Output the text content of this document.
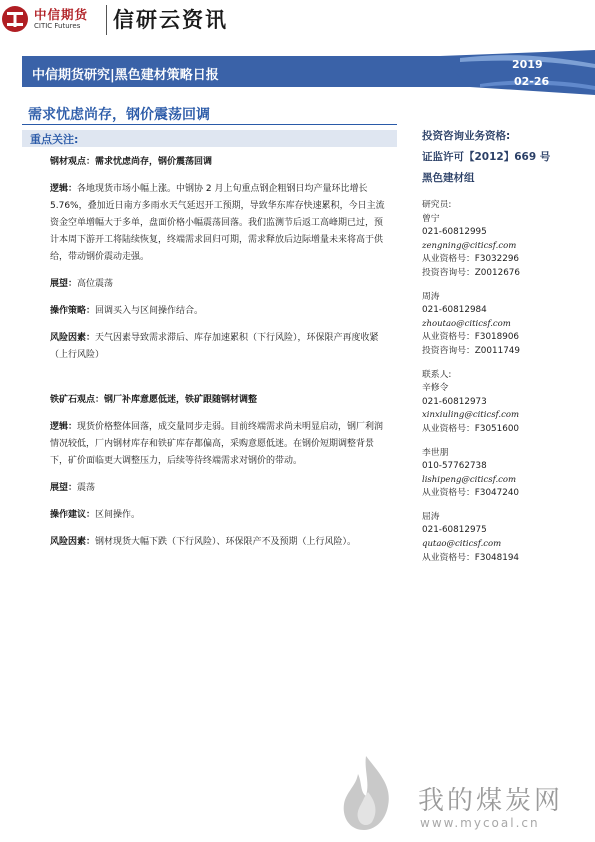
中信期货
CITIC Futures 信研云资讯
中信期货研究|黑色建材策略日报
2019
02-26
需求忧虑尚存，钢价震荡回调
重点关注:

钢材观点：需求忧虑尚存，钢价震荡回调

逻辑：各地现货市场小幅上涨。中钢协 2 月上旬重点钢企粗钢日均产量环比增长 5.76%，叠加近日南方多雨水天气延迟开工预期，导致华东库存快速累积，今日主流资金空单增幅大于多单，盘面价格小幅震荡回落。我们监测节后返工高峰期已过，预计本周下游开工将陆续恢复，终端需求回归可期，需求释放后边际增量未来将高于供给，带动钢价震动走强。

展望：高位震荡

操作策略：回调买入与区间操作结合。

风险因素：天气因素导致需求滞后、库存加速累积（下行风险），环保限产再度收紧（上行风险）

铁矿石观点：钢厂补库意愿低迷，铁矿跟随钢材调整

逻辑：现货价格整体回落，成交量同步走弱。目前终端需求尚未明显启动，钢厂利润情况较低，厂内钢材库存和铁矿库存都偏高，采购意愿低迷。在钢价短期调整背景下，矿价面临更大调整压力，后续等待终端需求对钢价的带动。

展望：震荡

操作建议：区间操作。

风险因素：钢材现货大幅下跌（下行风险）、环保限产不及预期（上行风险）。

投资咨询业务资格:
证监许可【2012】669 号
黑色建材组
研究员:
曾宁
021-60812995
zengning@citicsf.com
从业资格号：F3032296
投资咨询号：Z0012676
周涛
021-60812984
zhoutao@citicsf.com
从业资格号：F3018906
投资咨询号：Z0011749
联系人:
辛修令
021-60812973
xinxiuling@citicsf.com
从业资格号：F3051600
李世朋
010-57762738
lishipeng@citicsf.com
从业资格号：F3047240
屈涛
021-60812975
qutao@citicsf.com
从业资格号：F3048194
我的煤炭网
www.mycoal.cn
